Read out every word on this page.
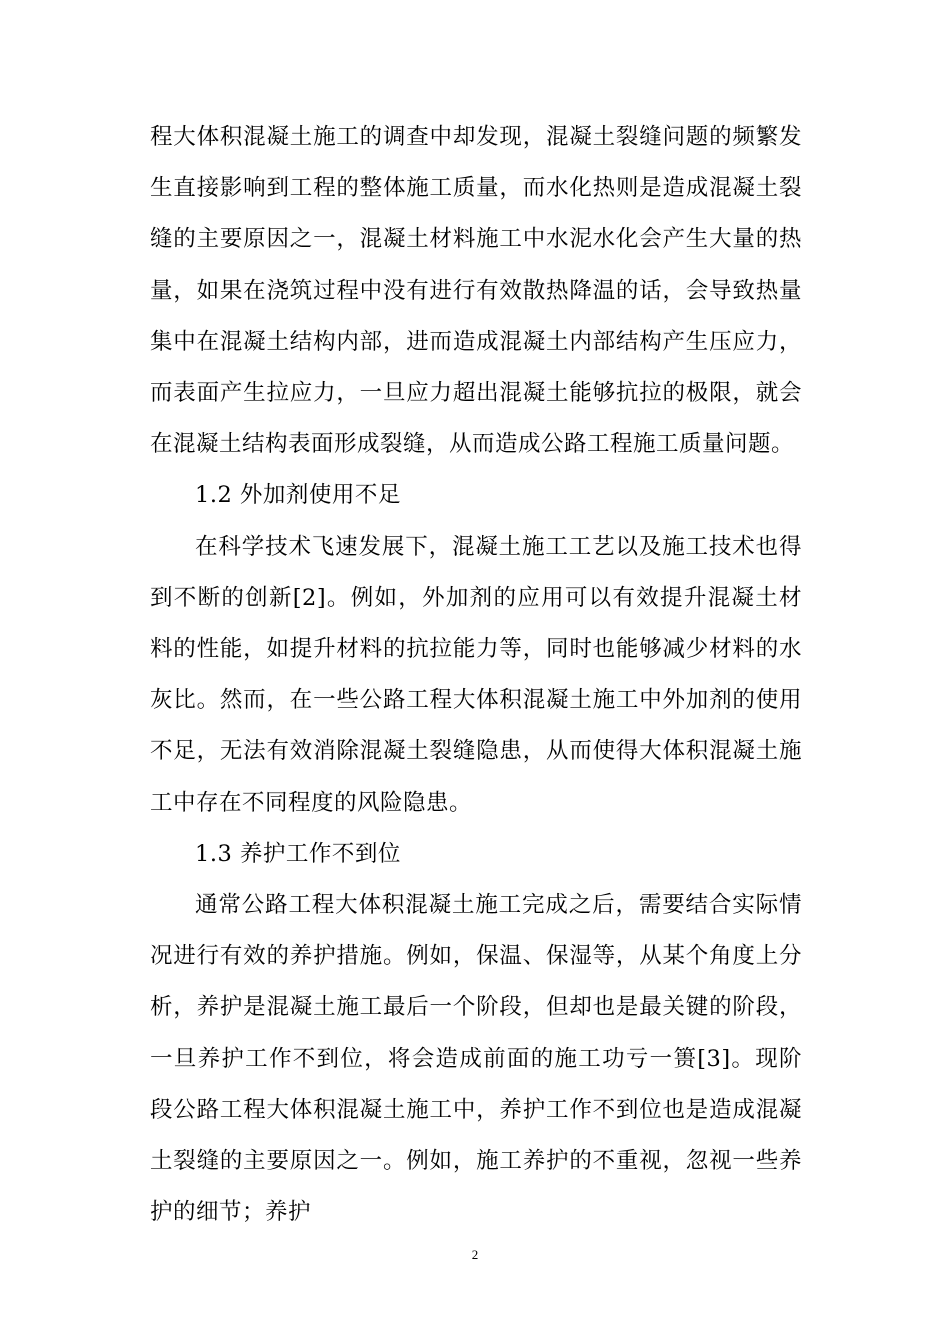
程大体积混凝土施工的调查中却发现，混凝土裂缝问题的频繁发生直接影响到工程的整体施工质量，而水化热则是造成混凝土裂缝的主要原因之一，混凝土材料施工中水泥水化会产生大量的热量，如果在浇筑过程中没有进行有效散热降温的话，会导致热量集中在混凝土结构内部，进而造成混凝土内部结构产生压应力，而表面产生拉应力，一旦应力超出混凝土能够抗拉的极限，就会在混凝土结构表面形成裂缝，从而造成公路工程施工质量问题。

1.2 外加剂使用不足

在科学技术飞速发展下，混凝土施工工艺以及施工技术也得到不断的创新[2]。例如，外加剂的应用可以有效提升混凝土材料的性能，如提升材料的抗拉能力等，同时也能够减少材料的水灰比。然而，在一些公路工程大体积混凝土施工中外加剂的使用不足，无法有效消除混凝土裂缝隐患，从而使得大体积混凝土施工中存在不同程度的风险隐患。

1.3 养护工作不到位

通常公路工程大体积混凝土施工完成之后，需要结合实际情况进行有效的养护措施。例如，保温、保湿等，从某个角度上分析，养护是混凝土施工最后一个阶段，但却也是最关键的阶段，一旦养护工作不到位，将会造成前面的施工功亏一篑[3]。现阶段公路工程大体积混凝土施工中，养护工作不到位也是造成混凝土裂缝的主要原因之一。例如，施工养护的不重视，忽视一些养护的细节；养护

2
